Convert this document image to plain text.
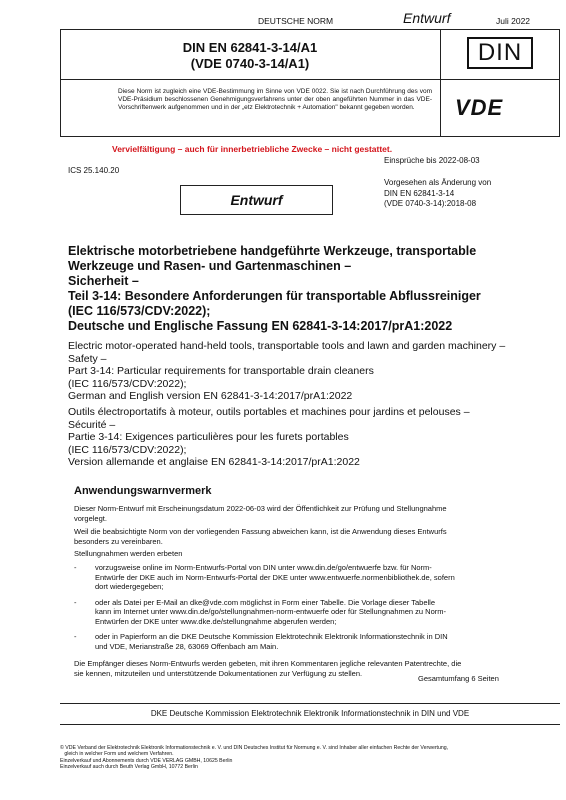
DEUTSCHE NORM	Entwurf	Juli 2022
DIN EN 62841-3-14/A1
(VDE 0740-3-14/A1)	DIN
Diese Norm ist zugleich eine VDE-Bestimmung im Sinne von VDE 0022. Sie ist nach Durchführung des vom VDE-Präsidium beschlossenen Genehmigungsverfahrens unter der oben angeführten Nummer in das VDE-Vorschriftenwerk aufgenommen und in der „etz Elektrotechnik + Automation" bekannt gegeben worden.	VDE
Vervielfältigung – auch für innerbetriebliche Zwecke – nicht gestattet.
Einsprüche bis 2022-08-03
ICS 25.140.20
Entwurf
Vorgesehen als Änderung von
DIN EN 62841-3-14
(VDE 0740-3-14):2018-08
Elektrische motorbetriebene handgeführte Werkzeuge, transportable
Werkzeuge und Rasen- und Gartenmaschinen –
Sicherheit –
Teil 3-14: Besondere Anforderungen für transportable Abflussreiniger
(IEC 116/573/CDV:2022);
Deutsche und Englische Fassung EN 62841-3-14:2017/prA1:2022
Electric motor-operated hand-held tools, transportable tools and lawn and garden machinery –
Safety –
Part 3-14: Particular requirements for transportable drain cleaners
(IEC 116/573/CDV:2022);
German and English version EN 62841-3-14:2017/prA1:2022
Outils électroportatifs à moteur, outils portables et machines pour jardins et pelouses –
Sécurité –
Partie 3-14: Exigences particulières pour les furets portables
(IEC 116/573/CDV:2022);
Version allemande et anglaise EN 62841-3-14:2017/prA1:2022
Anwendungswarnvermerk
Dieser Norm-Entwurf mit Erscheinungsdatum 2022-06-03 wird der Öffentlichkeit zur Prüfung und Stellungnahme
vorgelegt.
Weil die beabsichtigte Norm von der vorliegenden Fassung abweichen kann, ist die Anwendung dieses Entwurfs
besonders zu vereinbaren.
Stellungnahmen werden erbeten
-	vorzugsweise online im Norm-Entwurfs-Portal von DIN unter www.din.de/go/entwuerfe bzw. für Norm-
Entwürfe der DKE auch im Norm-Entwurfs-Portal der DKE unter www.entwuerfe.normenbibliothek.de, sofern
dort wiedergegeben;
-	oder als Datei per E-Mail an dke@vde.com möglichst in Form einer Tabelle. Die Vorlage dieser Tabelle
kann im Internet unter www.din.de/go/stellungnahmen-norm-entwuerfe oder für Stellungnahmen zu Norm-
Entwürfen der DKE unter www.dke.de/stellungnahme abgerufen werden;
-	oder in Papierform an die DKE Deutsche Kommission Elektrotechnik Elektronik Informationstechnik in DIN
und VDE, Merianstraße 28, 63069 Offenbach am Main.
Die Empfänger dieses Norm-Entwurfs werden gebeten, mit ihren Kommentaren jegliche relevanten Patentrechte, die
sie kennen, mitzuteilen und unterstützende Dokumentationen zur Verfügung zu stellen.
Gesamtumfang 6 Seiten
DKE Deutsche Kommission Elektrotechnik Elektronik Informationstechnik in DIN und VDE
© VDE Verband der Elektrotechnik Elektronik Informationstechnik e. V. und DIN Deutsches Institut für Normung e. V. sind Inhaber aller einfachen Rechte der Verwertung,
gleich in welcher Form und welchem Verfahren.
Einzelverkauf und Abonnements durch VDE VERLAG GMBH, 10625 Berlin
Einzelverkauf auch durch Beuth Verlag GmbH, 10772 Berlin
